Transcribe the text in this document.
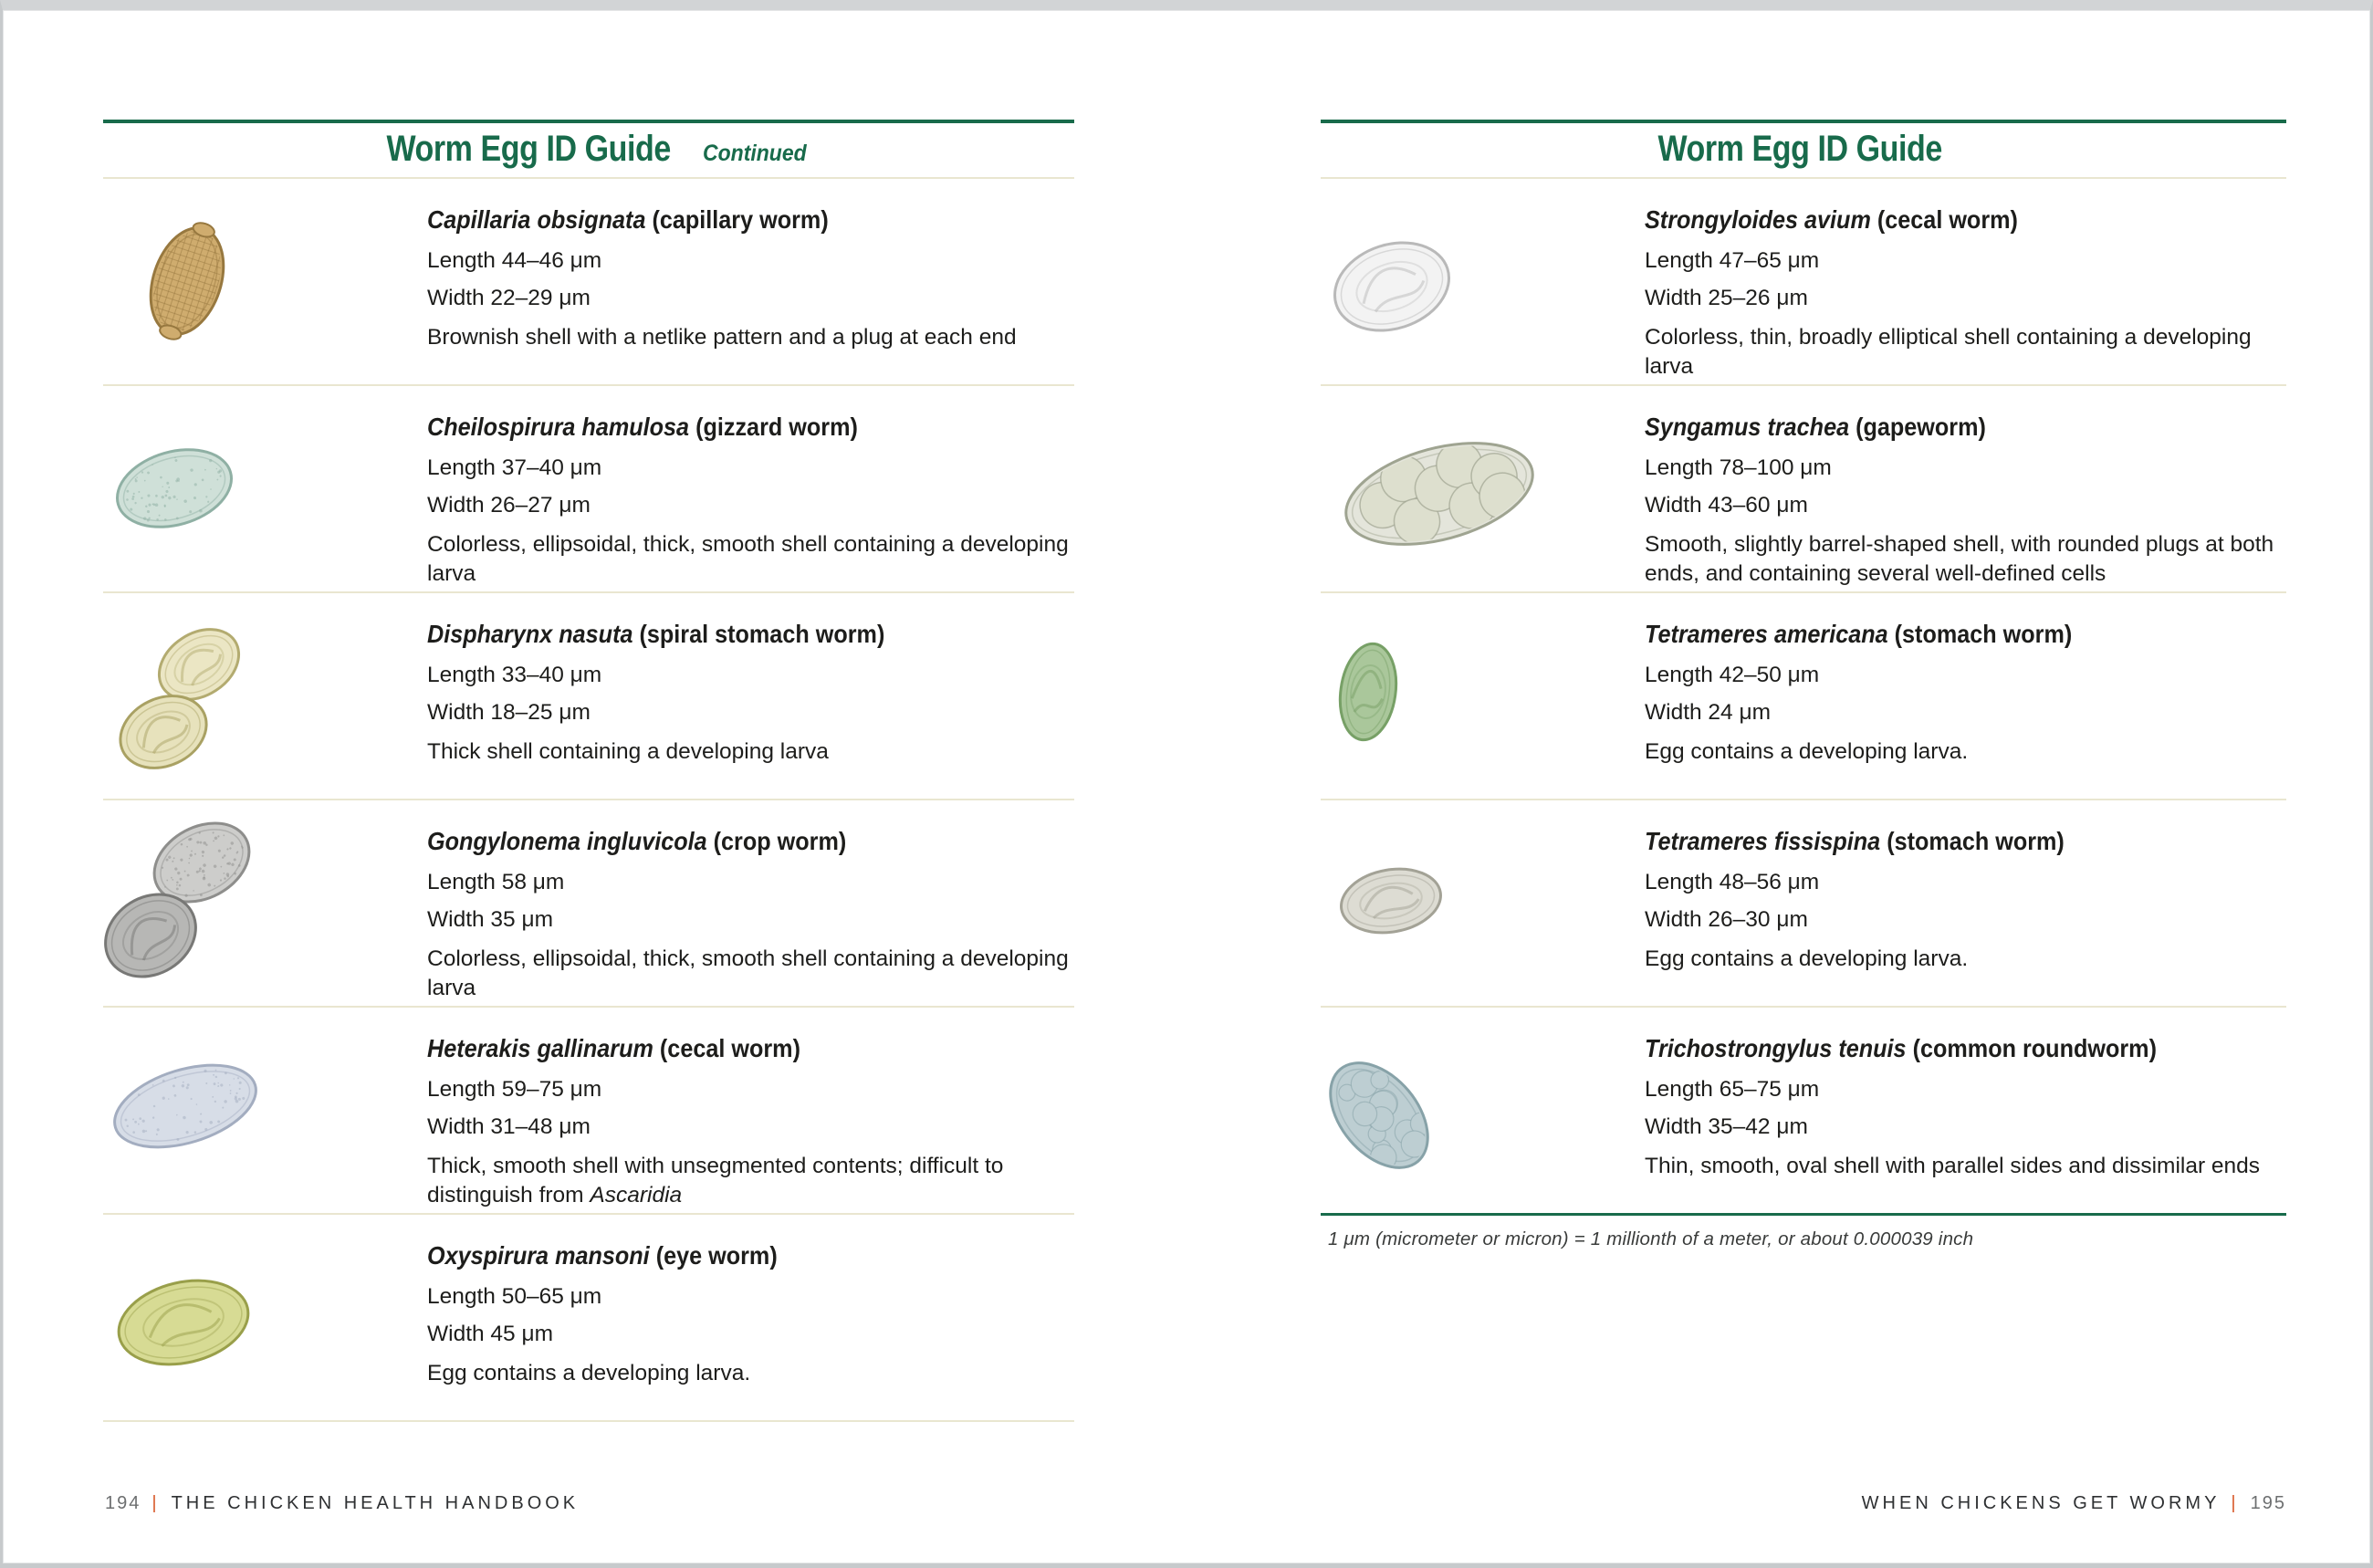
Worm Egg ID Guide Continued
Capillaria obsignata (capillary worm)
Length 44–46 μm
Width 22–29 μm
Brownish shell with a netlike pattern and a plug at each end
Cheilospirura hamulosa (gizzard worm)
Length 37–40 μm
Width 26–27 μm
Colorless, ellipsoidal, thick, smooth shell containing a developing larva
Dispharynx nasuta (spiral stomach worm)
Length 33–40 μm
Width 18–25 μm
Thick shell containing a developing larva
Gongylonema ingluvicola (crop worm)
Length 58 μm
Width 35 μm
Colorless, ellipsoidal, thick, smooth shell containing a developing larva
Heterakis gallinarum (cecal worm)
Length 59–75 μm
Width 31–48 μm
Thick, smooth shell with unsegmented contents; difficult to distinguish from Ascaridia
Oxyspirura mansoni (eye worm)
Length 50–65 μm
Width 45 μm
Egg contains a developing larva.
Worm Egg ID Guide
Strongyloides avium (cecal worm)
Length 47–65 μm
Width 25–26 μm
Colorless, thin, broadly elliptical shell containing a developing larva
Syngamus trachea (gapeworm)
Length 78–100 μm
Width 43–60 μm
Smooth, slightly barrel-shaped shell, with rounded plugs at both ends, and containing several well-defined cells
Tetrameres americana (stomach worm)
Length 42–50 μm
Width 24 μm
Egg contains a developing larva.
Tetrameres fissispina (stomach worm)
Length 48–56 μm
Width 26–30 μm
Egg contains a developing larva.
Trichostrongylus tenuis (common roundworm)
Length 65–75 μm
Width 35–42 μm
Thin, smooth, oval shell with parallel sides and dissimilar ends
1 μm (micrometer or micron) = 1 millionth of a meter, or about 0.000039 inch
194 | THE CHICKEN HEALTH HANDBOOK	WHEN CHICKENS GET WORMY | 195
